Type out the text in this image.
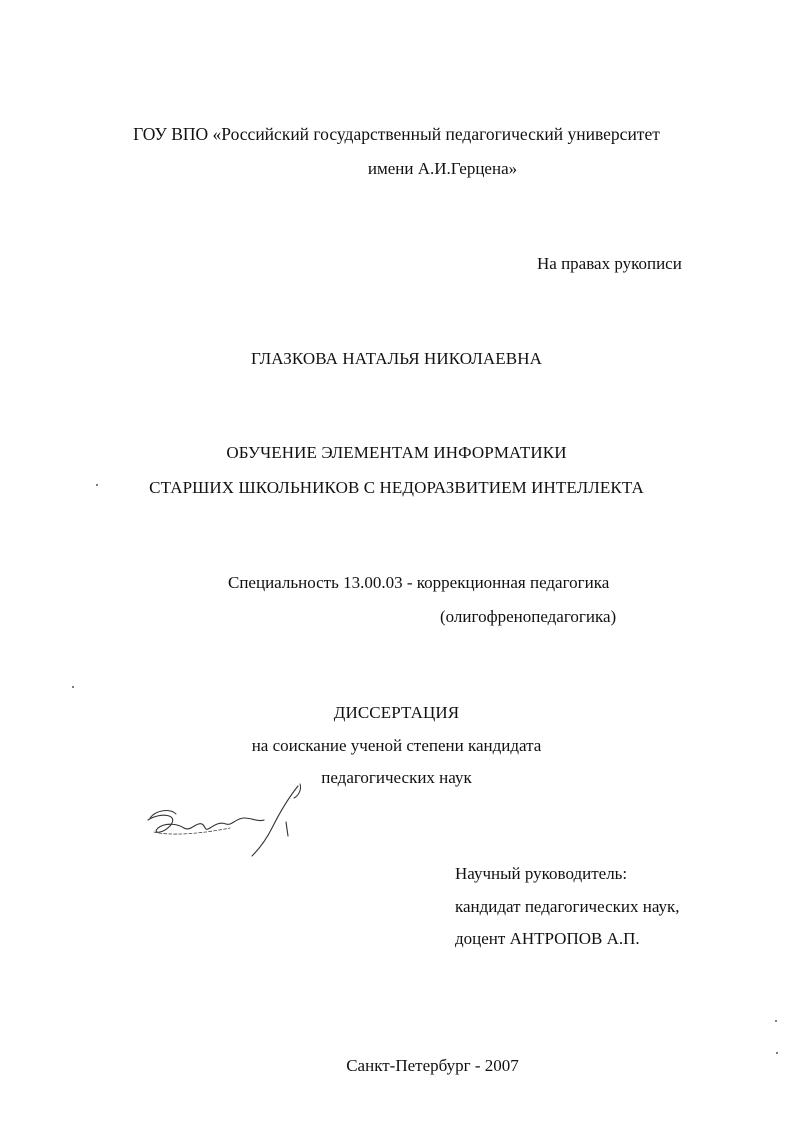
ГОУ ВПО «Российский государственный педагогический университет
имени А.И.Герцена»
На правах рукописи
ГЛАЗКОВА НАТАЛЬЯ НИКОЛАЕВНА
ОБУЧЕНИЕ ЭЛЕМЕНТАМ ИНФОРМАТИКИ
СТАРШИХ ШКОЛЬНИКОВ С НЕДОРАЗВИТИЕМ ИНТЕЛЛЕКТА
Специальность 13.00.03 - коррекционная педагогика
(олигофренопедагогика)
ДИССЕРТАЦИЯ
на соискание ученой степени кандидата
педагогических наук
Научный руководитель:
кандидат педагогических наук,
доцент АНТРОПОВ А.П.
Санкт-Петербург - 2007
